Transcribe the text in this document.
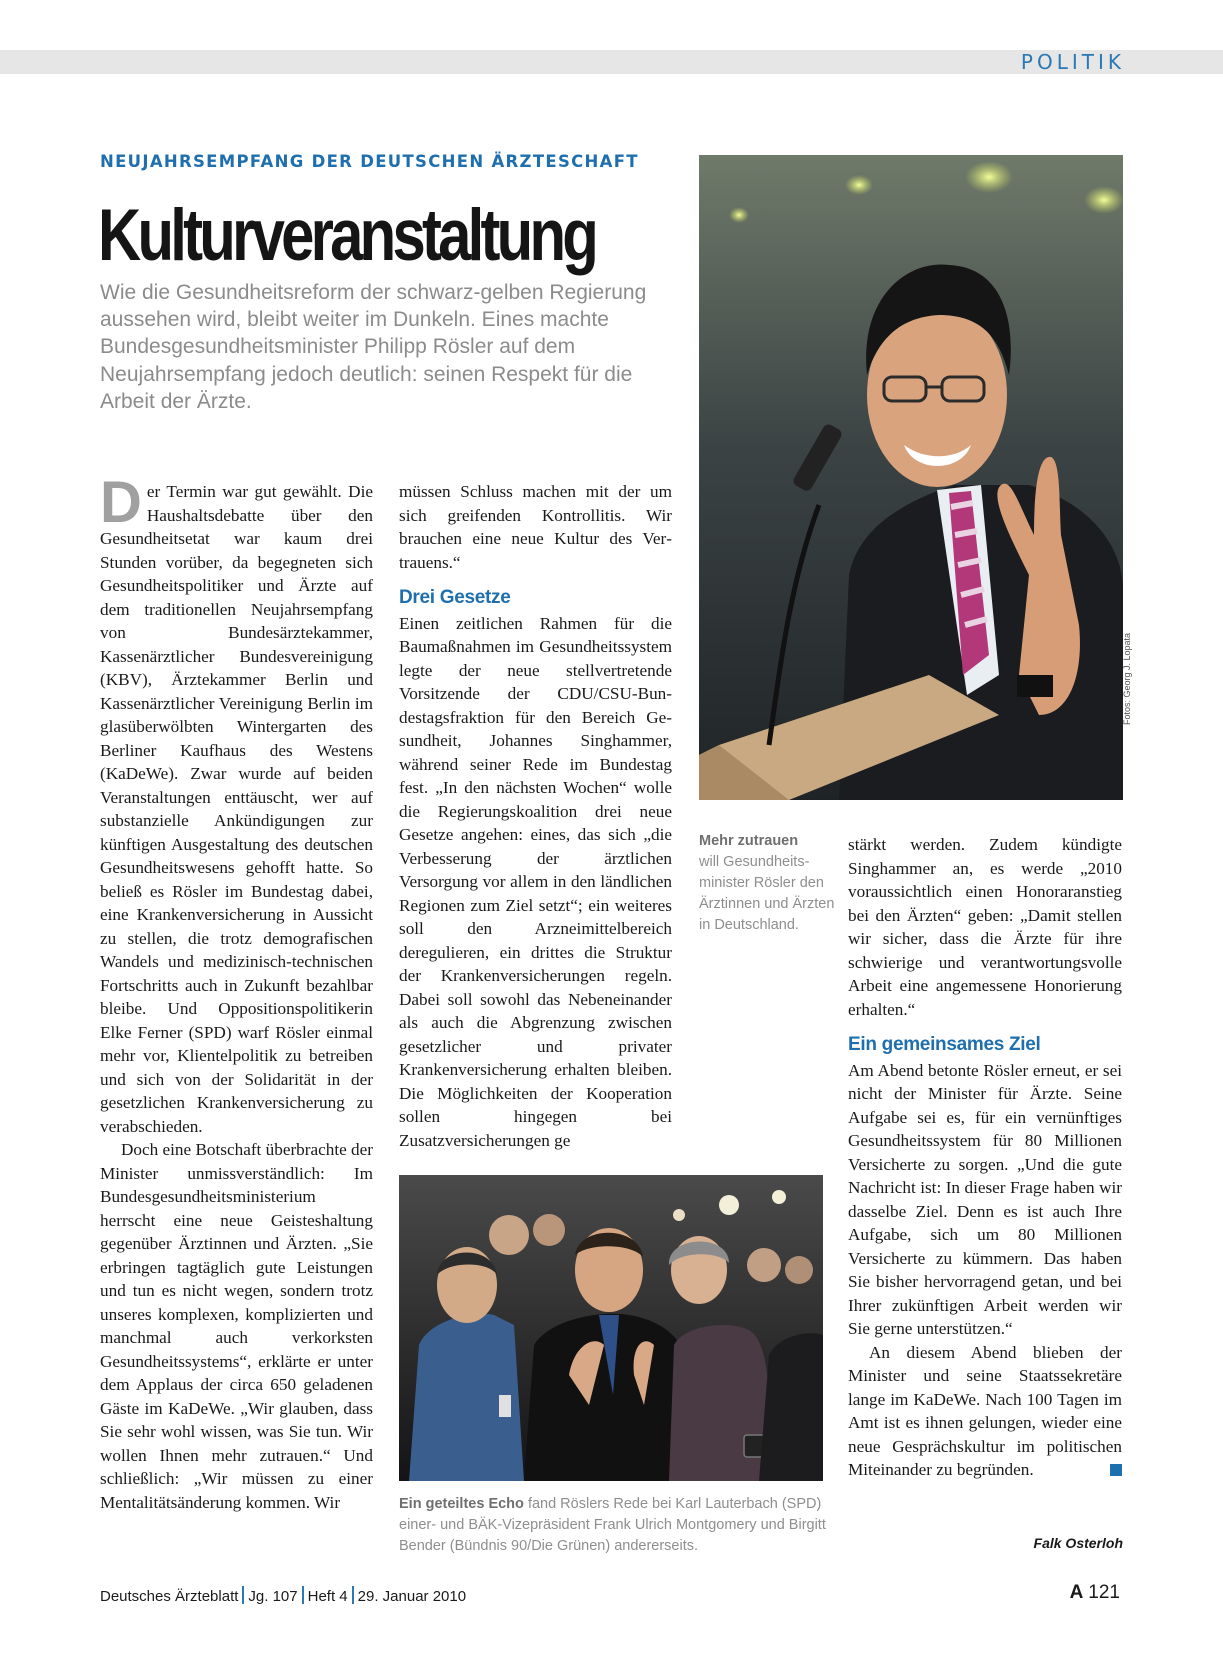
POLITIK
NEUJAHRSEMPFANG DER DEUTSCHEN ÄRZTESCHAFT
Kulturveranstaltung
Wie die Gesundheitsreform der schwarz-gelben Regierung aussehen wird, bleibt weiter im Dunkeln. Eines machte Bundesgesundheitsminister Philipp Rösler auf dem Neujahrsempfang jedoch deutlich: seinen Respekt für die Arbeit der Ärzte.
Fotos: Georg J. Lopata
Mehr zutrauen
will Gesundheitsminister Rösler den Ärztinnen und Ärzten in Deutschland.

D er Termin war gut gewählt. Die Haushaltsdebatte über den Gesundheitsetat war kaum drei Stunden vorüber, da begegneten sich Gesundheitspolitiker und Ärzte auf dem traditionellen Neujahrsempfang von Bundesärztekammer, Kassenärztlicher Bundesvereinigung (KBV), Ärztekammer Berlin und Kassenärztlicher Vereinigung Berlin im glasüberwölbten Wintergarten des Berliner Kaufhaus des Westens (KaDeWe). Zwar wurde auf beiden Veranstaltungen enttäuscht, wer auf substanzielle Ankündigungen zur künftigen Ausgestaltung des deutschen Gesundheitswesens gehofft hatte. So beließ es Rösler im Bundestag dabei, eine Krankenversicherung in Aussicht zu stellen, die trotz demografischen Wandels und medizinisch-technischen Fortschritts auch in Zukunft bezahlbar bleibe. Und Oppositionspolitikerin Elke Ferner (SPD) warf Rösler einmal mehr vor, Klientelpolitik zu betreiben und sich von der Solidarität in der gesetzlichen Krankenversicherung zu verabschieden.

Doch eine Botschaft überbrachte der Minister unmissverständlich: Im Bundesgesundheitsministerium herrscht eine neue Geisteshaltung gegenüber Ärztinnen und Ärzten. „Sie erbringen tagtäglich gute Leistungen und tun es nicht wegen, sondern trotz unseres komplexen, komplizierten und manchmal auch verkorksten Gesundheitssystems“, erklärte er unter dem Applaus der circa 650 geladenen Gäste im KaDeWe. „Wir glauben, dass Sie sehr wohl wissen, was Sie tun. Wir wollen Ihnen mehr zutrauen.“ Und schließlich: „Wir müssen zu einer Mentalitätsänderung kommen. Wir

müssen Schluss machen mit der um sich greifenden Kontrollitis. Wir brauchen eine neue Kultur des Vertrauens.“

Drei Gesetze

Einen zeitlichen Rahmen für die Baumaßnahmen im Gesundheitssystem legte der neue stellvertretende Vorsitzende der CDU/CSU-Bundestagsfraktion für den Bereich Gesundheit, Johannes Singhammer, während seiner Rede im Bundestag fest. „In den nächsten Wochen“ wolle die Regierungskoalition drei neue Gesetze angehen: eines, das sich „die Verbesserung der ärztlichen Versorgung vor allem in den ländlichen Regionen zum Ziel setzt“; ein weiteres soll den Arzneimittelbereich deregulieren, ein drittes die Struktur der Krankenversicherungen regeln. Dabei soll sowohl das Nebeneinander als auch die Abgrenzung zwischen gesetzlicher und privater Krankenversicherung erhalten bleiben. Die Möglichkeiten der Kooperation sollen hingegen bei Zusatzversicherungen ge

Ein geteiltes Echo fand Röslers Rede bei Karl Lauterbach (SPD) einer- und BÄK-Vizepräsident Frank Ulrich Montgomery und Birgitt Bender (Bündnis 90/Die Grünen) andererseits.

stärkt werden. Zudem kündigte Singhammer an, es werde „2010 voraussichtlich einen Honoraranstieg bei den Ärzten“ geben: „Damit stellen wir sicher, dass die Ärzte für ihre schwierige und verantwortungsvolle Arbeit eine angemessene Honorierung erhalten.“

Ein gemeinsames Ziel

Am Abend betonte Rösler erneut, er sei nicht der Minister für Ärzte. Seine Aufgabe sei es, für ein vernünftiges Gesundheitssystem für 80 Millionen Versicherte zu sorgen. „Und die gute Nachricht ist: In dieser Frage haben wir dasselbe Ziel. Denn es ist auch Ihre Aufgabe, sich um 80 Millionen Versicherte zu kümmern. Das haben Sie bisher hervorragend getan, und bei Ihrer zukünftigen Arbeit werden wir Sie gerne unterstützen.“

An diesem Abend blieben der Minister und seine Staatssekretäre lange im KaDeWe. Nach 100 Tagen im Amt ist es ihnen gelungen, wieder eine neue Gesprächskultur im politischen Miteinander zu begründen.

Falk Osterloh
Deutsches Ärzteblatt Jg. 107 Heft 4 29. Januar 2010	A 121
